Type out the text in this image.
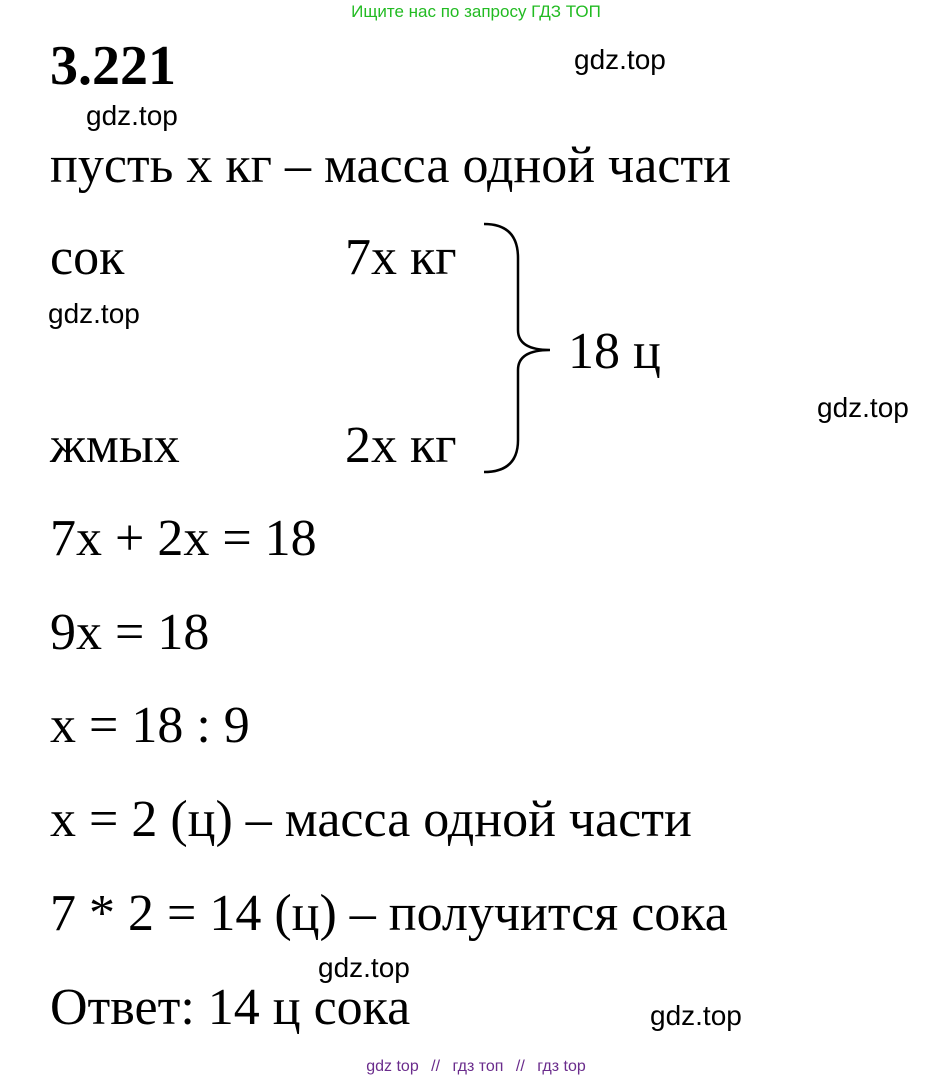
Ищите нас по запросу ГДЗ ТОП
3.221	gdz.top
gdz.top
пусть х кг – масса одной части
сок	7х кг
gdz.top
18 ц
gdz.top
жмых	2х кг
7х + 2х = 18
9х = 18
х = 18 : 9
х = 2 (ц) – масса одной части
7 * 2 = 14 (ц) – получится сока
gdz.top
Ответ: 14 ц сока	gdz.top
gdz top // гдз топ // гдз top
